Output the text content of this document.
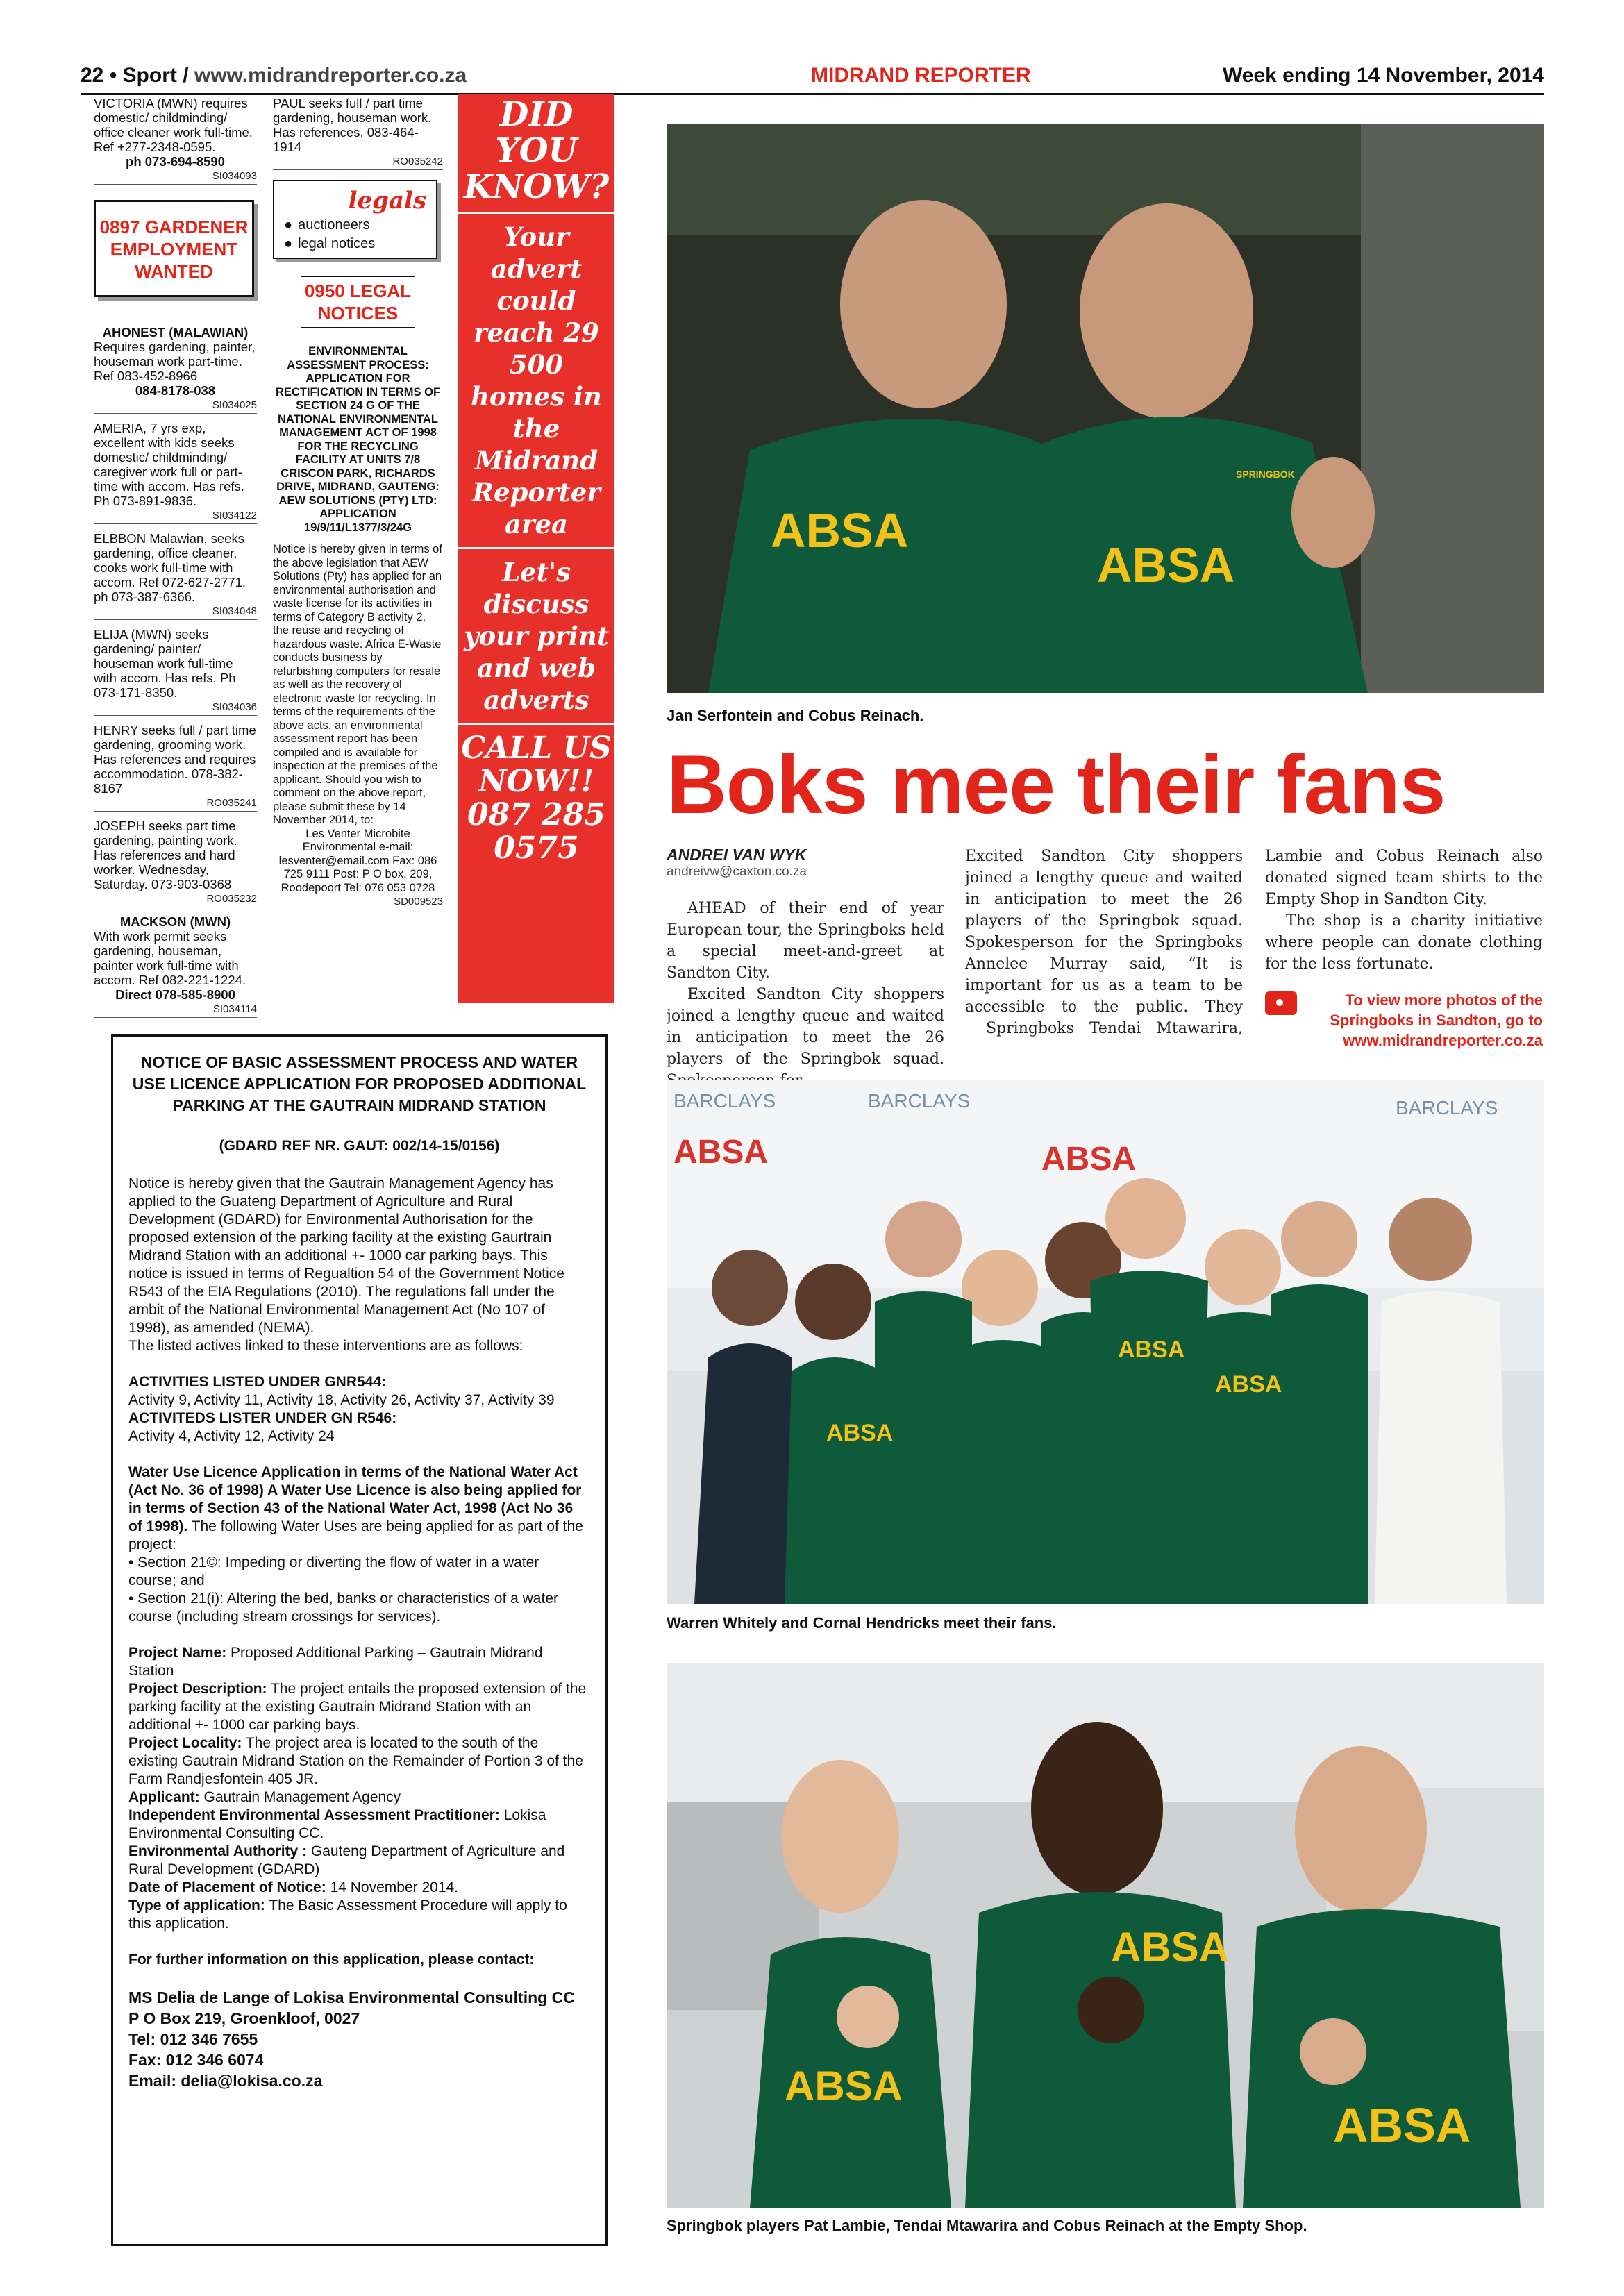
22 • Sport / www.midrandreporter.co.za	MIDRAND REPORTER	Week ending 14 November, 2014
VICTORIA (MWN) requires domestic/ childminding/ office cleaner work full-time. Ref +277-2348-0595.
ph 073-694-8590
SI034093
0897 GARDENER EMPLOYMENT WANTED
AHONEST (MALAWIAN)
Requires gardening, painter, houseman work part-time. Ref 083-452-8966
084-8178-038
SI034025
AMERIA, 7 yrs exp, excellent with kids seeks domestic/ childminding/ caregiver work full or part-time with accom. Has refs. Ph 073-891-9836.
SI034122
ELBBON Malawian, seeks gardening, office cleaner, cooks work full-time with accom. Ref 072-627-2771. ph 073-387-6366.
SI034048
ELIJA (MWN) seeks gardening/ painter/ houseman work full-time with accom. Has refs. Ph 073-171-8350.
SI034036
HENRY seeks full / part time gardening, grooming work. Has references and requires accommodation. 078-382-8167
RO035241
JOSEPH seeks part time gardening, painting work. Has references and hard worker. Wednesday, Saturday. 073-903-0368
RO035232
MACKSON (MWN)
With work permit seeks gardening, houseman, painter work full-time with accom. Ref 082-221-1224.
Direct 078-585-8900
SI034114
PAUL seeks full / part time gardening, houseman work. Has references. 083-464-1914
RO035242
legals
● auctioneers
● legal notices
0950 LEGAL NOTICES
ENVIRONMENTAL ASSESSMENT PROCESS: APPLICATION FOR RECTIFICATION IN TERMS OF SECTION 24 G OF THE NATIONAL ENVIRONMENTAL MANAGEMENT ACT OF 1998 FOR THE RECYCLING FACILITY AT UNITS 7/8 CRISCON PARK, RICHARDS DRIVE, MIDRAND, GAUTENG: AEW SOLUTIONS (PTY) LTD: APPLICATION 19/9/11/L1377/3/24G
Notice is hereby given in terms of the above legislation that AEW Solutions (Pty) has applied for an environmental authorisation and waste license for its activities in terms of Category B activity 2, the reuse and recycling of hazardous waste. Africa E-Waste conducts business by refurbishing computers for resale as well as the recovery of electronic waste for recycling. In terms of the requirements of the above acts, an environmental assessment report has been compiled and is available for inspection at the premises of the applicant. Should you wish to comment on the above report, please submit these by 14 November 2014, to:
Les Venter Microbite Environmental e-mail: lesventer@email.com Fax: 086 725 9111 Post: P O box, 209, Roodepoort Tel: 076 053 0728
SD009523
DID YOU KNOW?
Your advert could reach 29 500 homes in the Midrand Reporter area
Let's discuss your print and web adverts
CALL US NOW!! 087 285 0575
NOTICE OF BASIC ASSESSMENT PROCESS AND WATER USE LICENCE APPLICATION FOR PROPOSED ADDITIONAL PARKING AT THE GAUTRAIN MIDRAND STATION
(GDARD REF NR. GAUT: 002/14-15/0156)

Notice is hereby given that the Gautrain Management Agency has applied to the Guateng Department of Agriculture and Rural Development (GDARD) for Environmental Authorisation for the proposed extension of the parking facility at the existing Gaurtrain Midrand Station with an additional +- 1000 car parking bays. This notice is issued in terms of Regualtion 54 of the Government Notice R543 of the EIA Regulations (2010). The regulations fall under the ambit of the National Environmental Management Act (No 107 of 1998), as amended (NEMA).
The listed actives linked to these interventions are as follows:

ACTIVITIES LISTED UNDER GNR544:
Activity 9, Activity 11, Activity 18, Activity 26, Activity 37, Activity 39
ACTIVITEDS LISTER UNDER GN R546:
Activity 4, Activity 12, Activity 24

Water Use Licence Application in terms of the National Water Act (Act No. 36 of 1998) A Water Use Licence is also being applied for in terms of Section 43 of the National Water Act, 1998 (Act No 36 of 1998). The following Water Uses are being applied for as part of the project:
• Section 21©: Impeding or diverting the flow of water in a water course; and
• Section 21(i): Altering the bed, banks or characteristics of a water course (including stream crossings for services).

Project Name: Proposed Additional Parking – Gautrain Midrand Station
Project Description: The project entails the proposed extension of the parking facility at the existing Gautrain Midrand Station with an additional +- 1000 car parking bays.
Project Locality: The project area is located to the south of the existing Gautrain Midrand Station on the Remainder of Portion 3 of the Farm Randjesfontein 405 JR.
Applicant: Gautrain Management Agency
Independent Environmental Assessment Practitioner: Lokisa Environmental Consulting CC.
Environmental Authority : Gauteng Department of Agriculture and Rural Development (GDARD)
Date of Placement of Notice: 14 November 2014.
Type of application: The Basic Assessment Procedure will apply to this application.

For further information on this application, please contact:

MS Delia de Lange of Lokisa Environmental Consulting CC
P O Box 219, Groenkloof, 0027
Tel: 012 346 7655
Fax: 012 346 6074
Email: delia@lokisa.co.za
ABSA
ABSA
SPRINGBOK
Jan Serfontein and Cobus Reinach.
Boks mee their fans
ANDREI VAN WYK
andreivw@caxton.co.za
AHEAD of their end of year European tour, the Springboks held a special meet-and-greet at Sandton City.
Excited Sandton City shoppers joined a lengthy queue and waited in anticipation to meet the 26 players of the Springbok squad.
Excited Sandton City shoppers joined a lengthy queue and waited in anticipation to meet the 26 players of the Springbok squad. Spokesperson for the Springboks Annelee Murray said, “It is important for us as a team to be accessible to the public. They
Springboks Tendai Mtawarira,
Lambie and Cobus Reinach also donated signed team shirts to the Empty Shop in Sandton City.
The shop is a charity initiative where people can donate clothing for the less fortunate.
To view more photos of the Springboks in Sandton, go to www.midrandreporter.co.za
BARCLAYS	BARCLAYS	BARCLAYS
ABSA	ABSA
ABSA
ABSA
ABSA
Warren Whitely and Cornal Hendricks meet their fans.
ABSA
ABSA
ABSA
Springbok players Pat Lambie, Tendai Mtawarira and Cobus Reinach at the Empty Shop.
